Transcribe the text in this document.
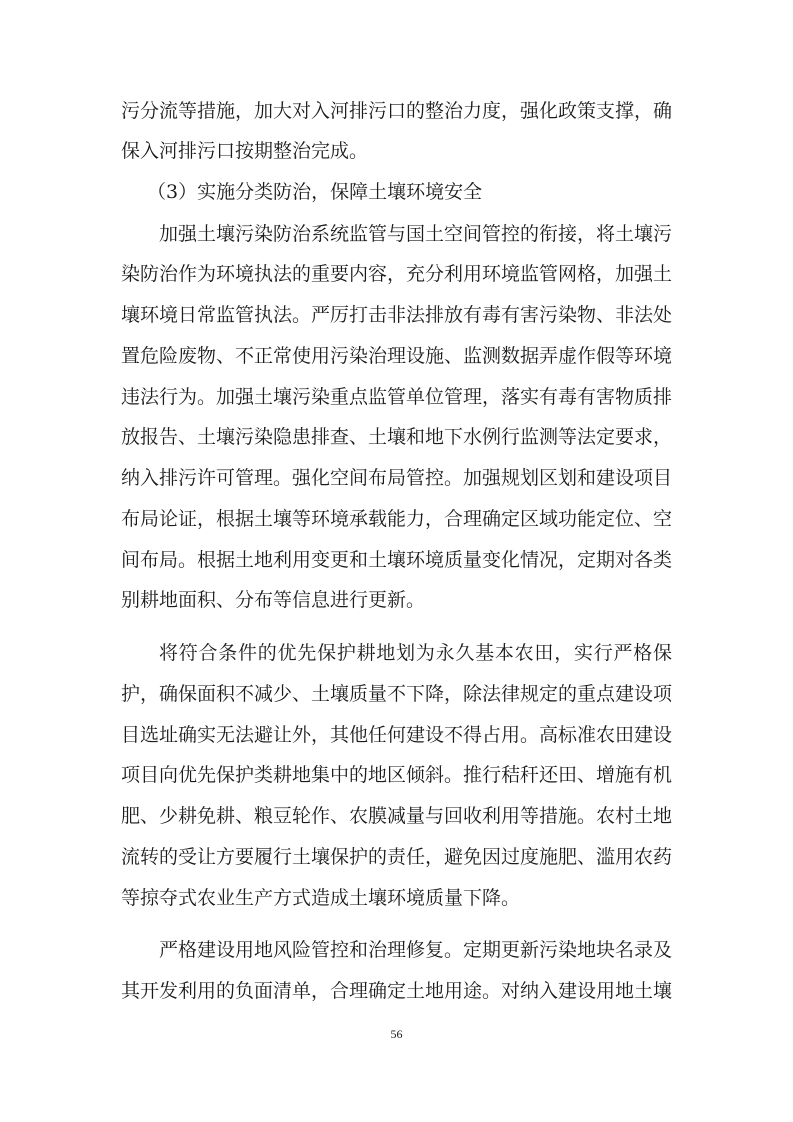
污分流等措施，加大对入河排污口的整治力度，强化政策支撑，确
保入河排污口按期整治完成。
（3）实施分类防治，保障土壤环境安全
加强土壤污染防治系统监管与国土空间管控的衔接，将土壤污
染防治作为环境执法的重要内容，充分利用环境监管网格，加强土
壤环境日常监管执法。严厉打击非法排放有毒有害污染物、非法处
置危险废物、不正常使用污染治理设施、监测数据弄虚作假等环境
违法行为。加强土壤污染重点监管单位管理，落实有毒有害物质排
放报告、土壤污染隐患排查、土壤和地下水例行监测等法定要求，
纳入排污许可管理。强化空间布局管控。加强规划区划和建设项目
布局论证，根据土壤等环境承载能力，合理确定区域功能定位、空
间布局。根据土地利用变更和土壤环境质量变化情况，定期对各类
别耕地面积、分布等信息进行更新。
将符合条件的优先保护耕地划为永久基本农田，实行严格保
护，确保面积不减少、土壤质量不下降，除法律规定的重点建设项
目选址确实无法避让外，其他任何建设不得占用。高标准农田建设
项目向优先保护类耕地集中的地区倾斜。推行秸秆还田、增施有机
肥、少耕免耕、粮豆轮作、农膜减量与回收利用等措施。农村土地
流转的受让方要履行土壤保护的责任，避免因过度施肥、滥用农药
等掠夺式农业生产方式造成土壤环境质量下降。
严格建设用地风险管控和治理修复。定期更新污染地块名录及
其开发利用的负面清单，合理确定土地用途。对纳入建设用地土壤
56
